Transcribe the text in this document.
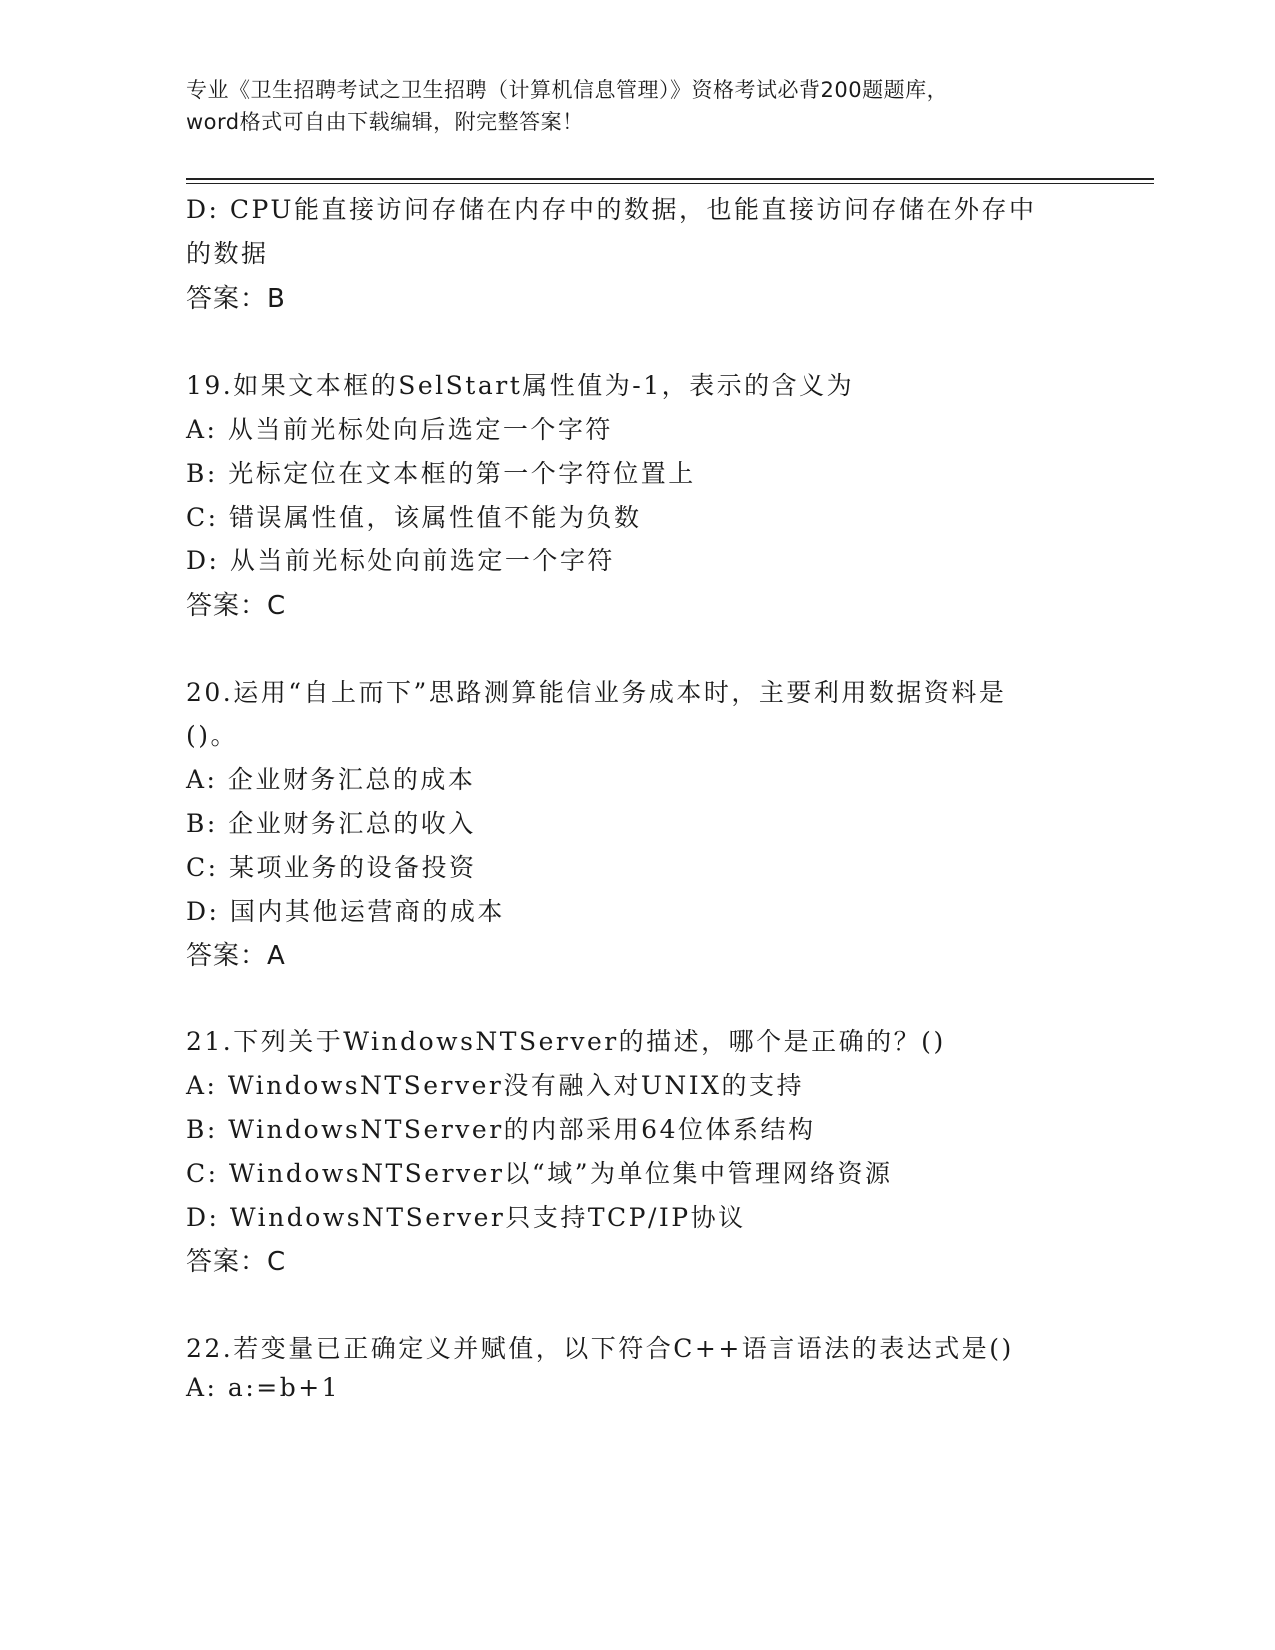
专业《卫生招聘考试之卫生招聘（计算机信息管理）》资格考试必背200题题库，
word格式可自由下载编辑，附完整答案！
D: CPU能直接访问存储在内存中的数据，也能直接访问存储在外存中
的数据
答案：B
19.如果文本框的SelStart属性值为-1，表示的含义为
A: 从当前光标处向后选定一个字符
B: 光标定位在文本框的第一个字符位置上
C: 错误属性值，该属性值不能为负数
D: 从当前光标处向前选定一个字符
答案：C
20.运用“自上而下”思路测算能信业务成本时，主要利用数据资料是
()。
A: 企业财务汇总的成本
B: 企业财务汇总的收入
C: 某项业务的设备投资
D: 国内其他运营商的成本
答案：A
21.下列关于WindowsNTServer的描述，哪个是正确的？()
A: WindowsNTServer没有融入对UNIX的支持
B: WindowsNTServer的内部采用64位体系结构
C: WindowsNTServer以“域”为单位集中管理网络资源
D: WindowsNTServer只支持TCP/IP协议
答案：C
22.若变量已正确定义并赋值，以下符合C++语言语法的表达式是()
A: a:=b+1
